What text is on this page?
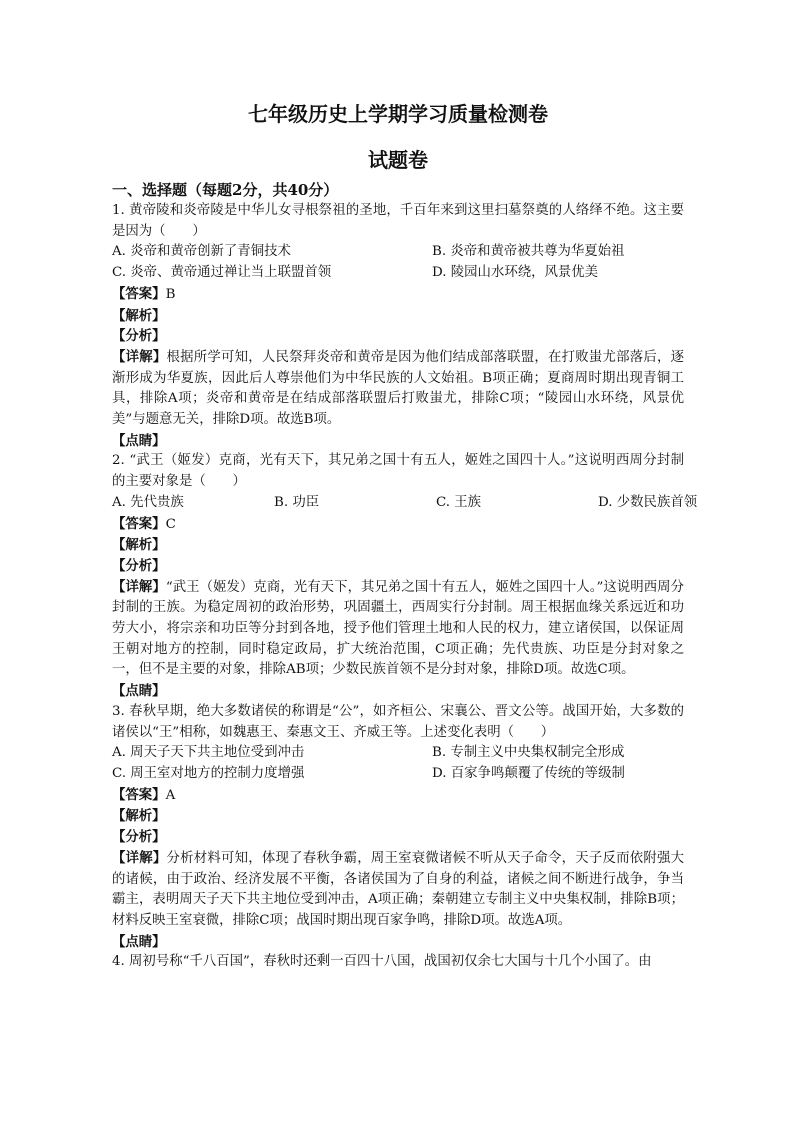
七年级历史上学期学习质量检测卷
试题卷
一、选择题（每题2分，共40分）
1. 黄帝陵和炎帝陵是中华儿女寻根祭祖的圣地，千百年来到这里扫墓祭奠的人络绎不绝。这主要是因为（　　）
A. 炎帝和黄帝创新了青铜技术	B. 炎帝和黄帝被共尊为华夏始祖
C. 炎帝、黄帝通过禅让当上联盟首领	D. 陵园山水环绕，风景优美
【答案】B
【解析】
【分析】
【详解】根据所学可知，人民祭拜炎帝和黄帝是因为他们结成部落联盟，在打败蚩尤部落后，逐渐形成为华夏族，因此后人尊崇他们为中华民族的人文始祖。B项正确；夏商周时期出现青铜工具，排除A项；炎帝和黄帝是在结成部落联盟后打败蚩尤，排除C项；“陵园山水环绕，风景优美”与题意无关，排除D项。故选B项。
【点睛】
2. “武王（姬发）克商，光有天下，其兄弟之国十有五人，姬姓之国四十人。”这说明西周分封制的主要对象是（　　）
A. 先代贵族	B. 功臣	C. 王族	D. 少数民族首领
【答案】C
【解析】
【分析】
【详解】“武王（姬发）克商，光有天下，其兄弟之国十有五人，姬姓之国四十人。”这说明西周分封制的王族。为稳定周初的政治形势，巩固疆土，西周实行分封制。周王根据血缘关系远近和功劳大小，将宗亲和功臣等分封到各地，授予他们管理土地和人民的权力，建立诸侯国，以保证周王朝对地方的控制，同时稳定政局，扩大统治范围，C项正确；先代贵族、功臣是分封对象之一，但不是主要的对象，排除AB项；少数民族首领不是分封对象，排除D项。故选C项。
【点睛】
3. 春秋早期，绝大多数诸侯的称谓是“公”，如齐桓公、宋襄公、晋文公等。战国开始，大多数的诸侯以“王”相称，如魏惠王、秦惠文王、齐威王等。上述变化表明（　　）
A. 周天子天下共主地位受到冲击	B. 专制主义中央集权制完全形成
C. 周王室对地方的控制力度增强	D. 百家争鸣颠覆了传统的等级制
【答案】A
【解析】
【分析】
【详解】分析材料可知，体现了春秋争霸，周王室衰微诸候不听从天子命令，天子反而依附强大的诸候，由于政治、经济发展不平衡，各诸侯国为了自身的利益，诸候之间不断进行战争，争当霸主，表明周天子天下共主地位受到冲击，A项正确；秦朝建立专制主义中央集权制，排除B项；材料反映王室衰微，排除C项；战国时期出现百家争鸣，排除D项。故选A项。
【点睛】
4. 周初号称“千八百国”，春秋时还剩一百四十八国，战国初仅余七大国与十几个小国了。由
